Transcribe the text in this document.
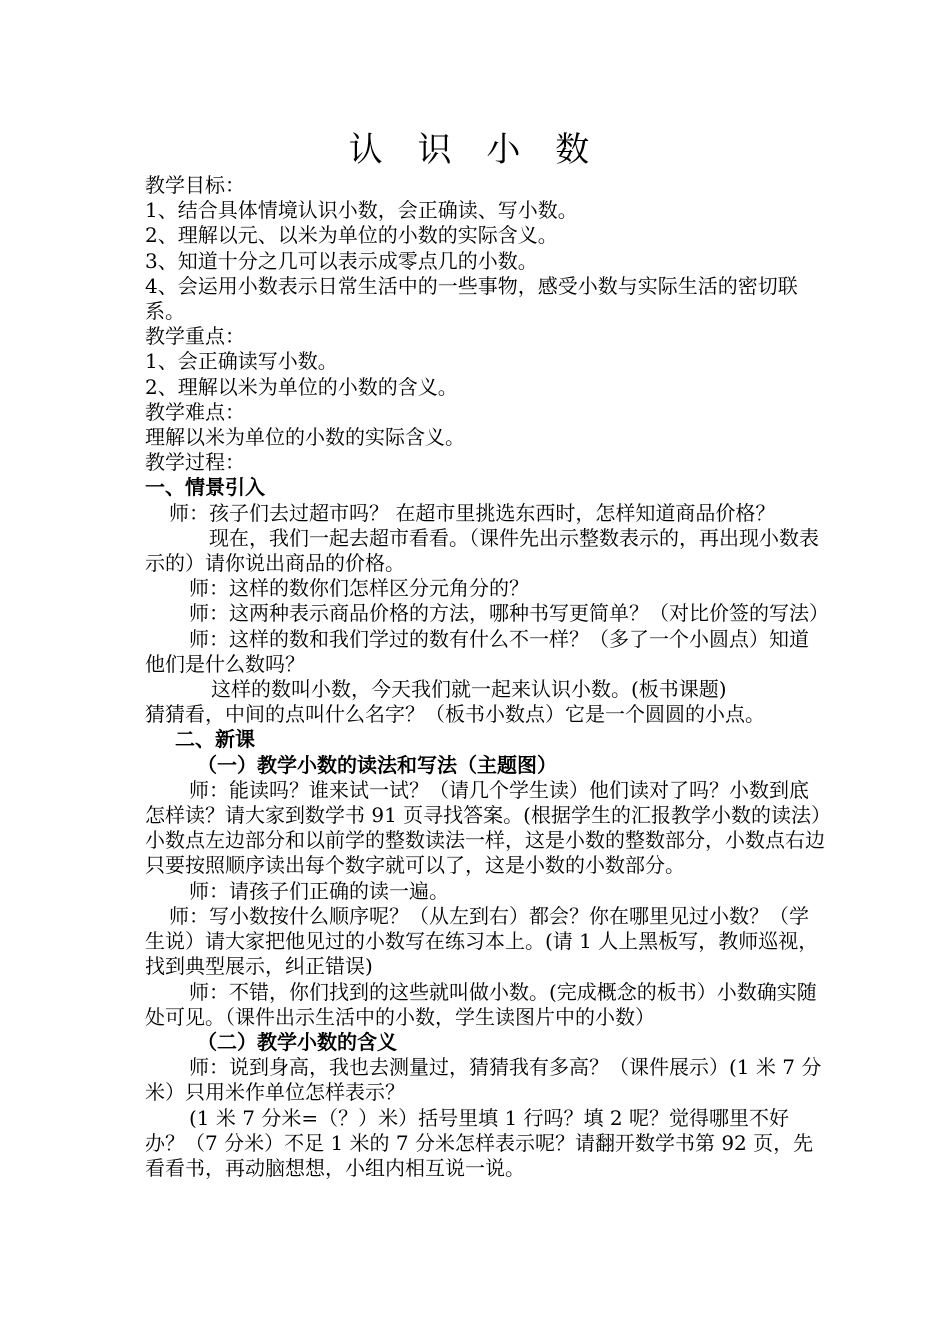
认 识 小 数

教学目标：

1、结合具体情境认识小数，会正确读、写小数。

2、理解以元、以米为单位的小数的实际含义。

3、知道十分之几可以表示成零点几的小数。

4、会运用小数表示日常生活中的一些事物，感受小数与实际生活的密切联系。

教学重点：

1、会正确读写小数。

2、理解以米为单位的小数的含义。

教学难点：

理解以米为单位的小数的实际含义。

教学过程：

一、情景引入

师：孩子们去过超市吗？ 在超市里挑选东西时，怎样知道商品价格？

现在，我们一起去超市看看。（课件先出示整数表示的，再出现小数表示的）请你说出商品的价格。

师：这样的数你们怎样区分元角分的？

师：这两种表示商品价格的方法，哪种书写更简单？（对比价签的写法）

师：这样的数和我们学过的数有什么不一样？（多了一个小圆点）知道他们是什么数吗？

这样的数叫小数，今天我们就一起来认识小数。(板书课题)

猜猜看，中间的点叫什么名字？（板书小数点）它是一个圆圆的小点。

二、新课

（一）教学小数的读法和写法（主题图）

师：能读吗？谁来试一试？（请几个学生读）他们读对了吗？小数到底怎样读？请大家到数学书 91 页寻找答案。(根据学生的汇报教学小数的读法）小数点左边部分和以前学的整数读法一样，这是小数的整数部分，小数点右边只要按照顺序读出每个数字就可以了，这是小数的小数部分。

师：请孩子们正确的读一遍。

师：写小数按什么顺序呢？（从左到右）都会？你在哪里见过小数？（学生说）请大家把他见过的小数写在练习本上。(请 1 人上黑板写，教师巡视，找到典型展示，纠正错误)

师：不错，你们找到的这些就叫做小数。(完成概念的板书）小数确实随处可见。（课件出示生活中的小数，学生读图片中的小数）

（二）教学小数的含义

师：说到身高，我也去测量过，猜猜我有多高？（课件展示）(1 米 7 分米）只用米作单位怎样表示？

(1 米 7 分米=（？）米）括号里填 1 行吗？填 2 呢？觉得哪里不好办？（7 分米）不足 1 米的 7 分米怎样表示呢？请翻开数学书第 92 页，先看看书，再动脑想想，小组内相互说一说。
